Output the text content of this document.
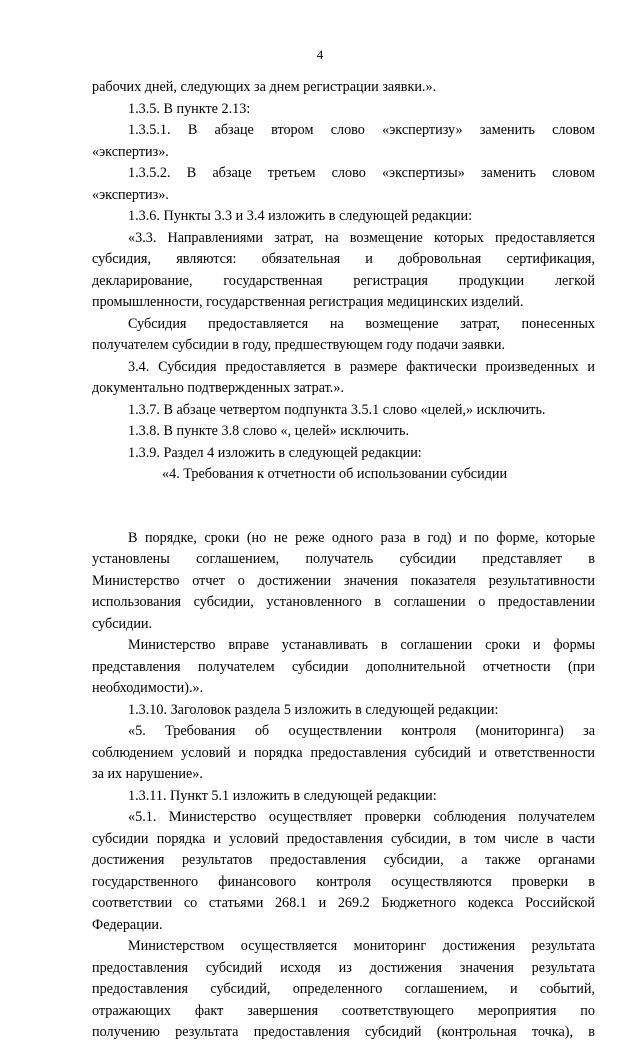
4
рабочих дней, следующих за днем регистрации заявки.».
1.3.5. В пункте 2.13:
1.3.5.1. В абзаце втором слово «экспертизу» заменить словом
«экспертиз».
1.3.5.2. В абзаце третьем слово «экспертизы» заменить словом
«экспертиз».
1.3.6. Пункты 3.3 и 3.4 изложить в следующей редакции:
«3.3. Направлениями затрат, на возмещение которых предоставляется
субсидия, являются: обязательная и добровольная сертификация,
декларирование, государственная регистрация продукции легкой
промышленности, государственная регистрация медицинских изделий.
Субсидия предоставляется на возмещение затрат, понесенных
получателем субсидии в году, предшествующем году подачи заявки.
3.4. Субсидия предоставляется в размере фактически произведенных и
документально подтвержденных затрат.».
1.3.7. В абзаце четвертом подпункта 3.5.1 слово «целей,» исключить.
1.3.8. В пункте 3.8 слово «, целей» исключить.
1.3.9. Раздел 4 изложить в следующей редакции:
«4. Требования к отчетности об использовании субсидии
В порядке, сроки (но не реже одного раза в год) и по форме, которые
установлены соглашением, получатель субсидии представляет в
Министерство отчет о достижении значения показателя результативности
использования субсидии, установленного в соглашении о предоставлении
субсидии.
Министерство вправе устанавливать в соглашении сроки и формы
представления получателем субсидии дополнительной отчетности (при
необходимости).».
1.3.10. Заголовок раздела 5 изложить в следующей редакции:
«5. Требования об осуществлении контроля (мониторинга) за
соблюдением условий и порядка предоставления субсидий и ответственности
за их нарушение».
1.3.11. Пункт 5.1 изложить в следующей редакции:
«5.1. Министерство осуществляет проверки соблюдения получателем
субсидии порядка и условий предоставления субсидии, в том числе в части
достижения результатов предоставления субсидии, а также органами
государственного финансового контроля осуществляются проверки в
соответствии со статьями 268.1 и 269.2 Бюджетного кодекса Российской
Федерации.
Министерством осуществляется мониторинг достижения результата
предоставления субсидий исходя из достижения значения результата
предоставления субсидий, определенного соглашением, и событий,
отражающих факт завершения соответствующего мероприятия по
получению результата предоставления субсидий (контрольная точка), в
